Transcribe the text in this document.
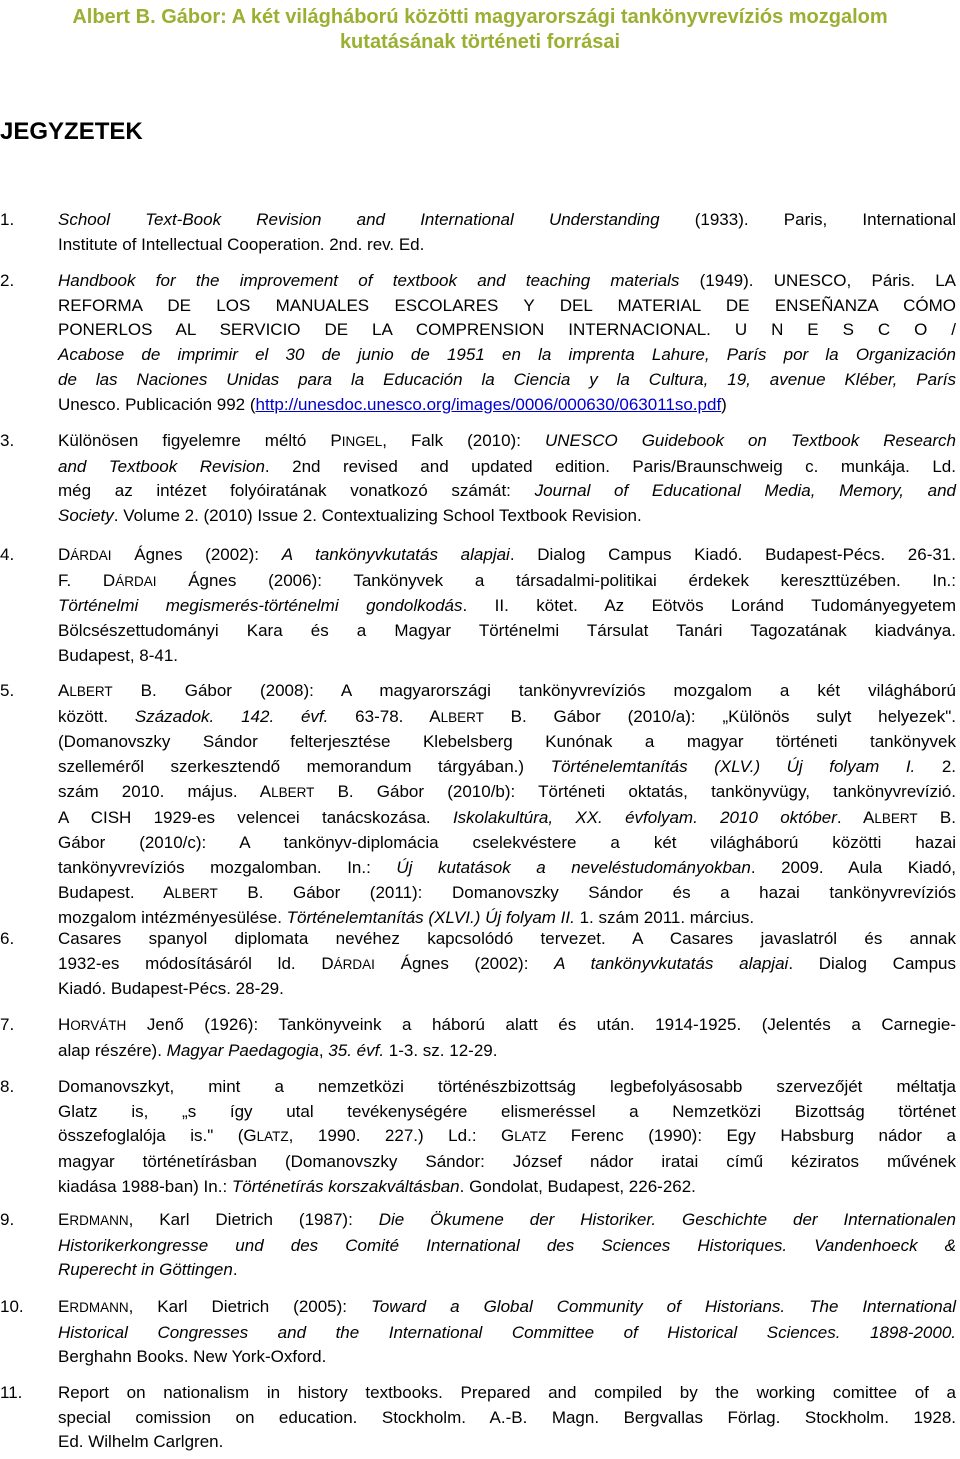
Albert B. Gábor: A két világháború közötti magyarországi tankönyvrevíziós mozgalom
kutatásának történeti forrásai
JEGYZETEK
1.	School Text-Book Revision and International Understanding (1933). Paris, International
Institute of Intellectual Cooperation. 2nd. rev. Ed.
2.	Handbook for the improvement of textbook and teaching materials (1949). UNESCO, Páris. LA
REFORMA DE LOS MANUALES ESCOLARES Y DEL MATERIAL DE ENSEÑANZA CÓMO
PONERLOS AL SERVICIO DE LA COMPRENSION INTERNACIONAL. U N E S C O /
Acabose de imprimir el 30 de junio de 1951 en la imprenta Lahure, París por la Organización
de las Naciones Unidas para la Educación la Ciencia y la Cultura, 19, avenue Kléber, París
Unesco. Publicación 992 (http://unesdoc.unesco.org/images/0006/000630/063011so.pdf)
3.	Különösen figyelemre méltó PINGEL, Falk (2010): UNESCO Guidebook on Textbook Research
and Textbook Revision. 2nd revised and updated edition. Paris/Braunschweig c. munkája. Ld.
még az intézet folyóiratának vonatkozó számát: Journal of Educational Media, Memory, and
Society. Volume 2. (2010) Issue 2. Contextualizing School Textbook Revision.
4.	DÁRDAI Ágnes (2002): A tankönyvkutatás alapjai. Dialog Campus Kiadó. Budapest-Pécs. 26-31.
F. DÁRDAI Ágnes (2006): Tankönyvek a társadalmi-politikai érdekek kereszttüzében. In.:
Történelmi megismerés-történelmi gondolkodás. II. kötet. Az Eötvös Loránd Tudományegyetem
Bölcsészettudományi Kara és a Magyar Történelmi Társulat Tanári Tagozatának kiadványa.
Budapest, 8-41.
5.	ALBERT B. Gábor (2008): A magyarországi tankönyvrevíziós mozgalom a két világháború
között. Századok. 142. évf. 63-78. ALBERT B. Gábor (2010/a): „Különös sulyt helyezek".
(Domanovszky Sándor felterjesztése Klebelsberg Kunónak a magyar történeti tankönyvek
szelleméről szerkesztendő memorandum tárgyában.) Történelemtanítás (XLV.) Új folyam I. 2.
szám 2010. május. ALBERT B. Gábor (2010/b): Történeti oktatás, tankönyvügy, tankönyvrevízió.
A CISH 1929-es velencei tanácskozása. Iskolakultúra, XX. évfolyam. 2010 október. ALBERT B.
Gábor (2010/c): A tankönyv-diplomácia cselekvéstere a két világháború közötti hazai
tankönyvrevíziós mozgalomban. In.: Új kutatások a neveléstudományokban. 2009. Aula Kiadó,
Budapest. ALBERT B. Gábor (2011): Domanovszky Sándor és a hazai tankönyvrevíziós
mozgalom intézményesülése. Történelemtanítás (XLVI.) Új folyam II. 1. szám 2011. március.
6.	Casares spanyol diplomata nevéhez kapcsolódó tervezet. A Casares javaslatról és annak
1932-es módosításáról ld. DÁRDAI Ágnes (2002): A tankönyvkutatás alapjai. Dialog Campus
Kiadó. Budapest-Pécs. 28-29.
7.	HORVÁTH Jenő (1926): Tankönyveink a háború alatt és után. 1914-1925. (Jelentés a Carnegie-
alap részére). Magyar Paedagogia, 35. évf. 1-3. sz. 12-29.
8.	Domanovszkyt, mint a nemzetközi történészbizottság legbefolyásosabb szervezőjét méltatja
Glatz is, „s így utal tevékenységére elismeréssel a Nemzetközi Bizottság történet
összefoglalója is." (GLATZ, 1990. 227.) Ld.: GLATZ Ferenc (1990): Egy Habsburg nádor a
magyar történetírásban (Domanovszky Sándor: József nádor iratai című kéziratos művének
kiadása 1988-ban) In.: Történetírás korszakváltásban. Gondolat, Budapest, 226-262.
9.	ERDMANN, Karl Dietrich (1987): Die Ökumene der Historiker. Geschichte der Internationalen
Historikerkongresse und des Comité International des Sciences Historiques. Vandenhoeck &
Ruperecht in Göttingen.
10. ERDMANN, Karl Dietrich (2005): Toward a Global Community of Historians. The International
Historical Congresses and the International Committee of Historical Sciences. 1898-2000.
Berghahn Books. New York-Oxford.
11. Report on nationalism in history textbooks. Prepared and compiled by the working comittee of a
special comission on education. Stockholm. A.-B. Magn. Bergvallas Förlag. Stockholm. 1928.
Ed. Wilhelm Carlgren.
